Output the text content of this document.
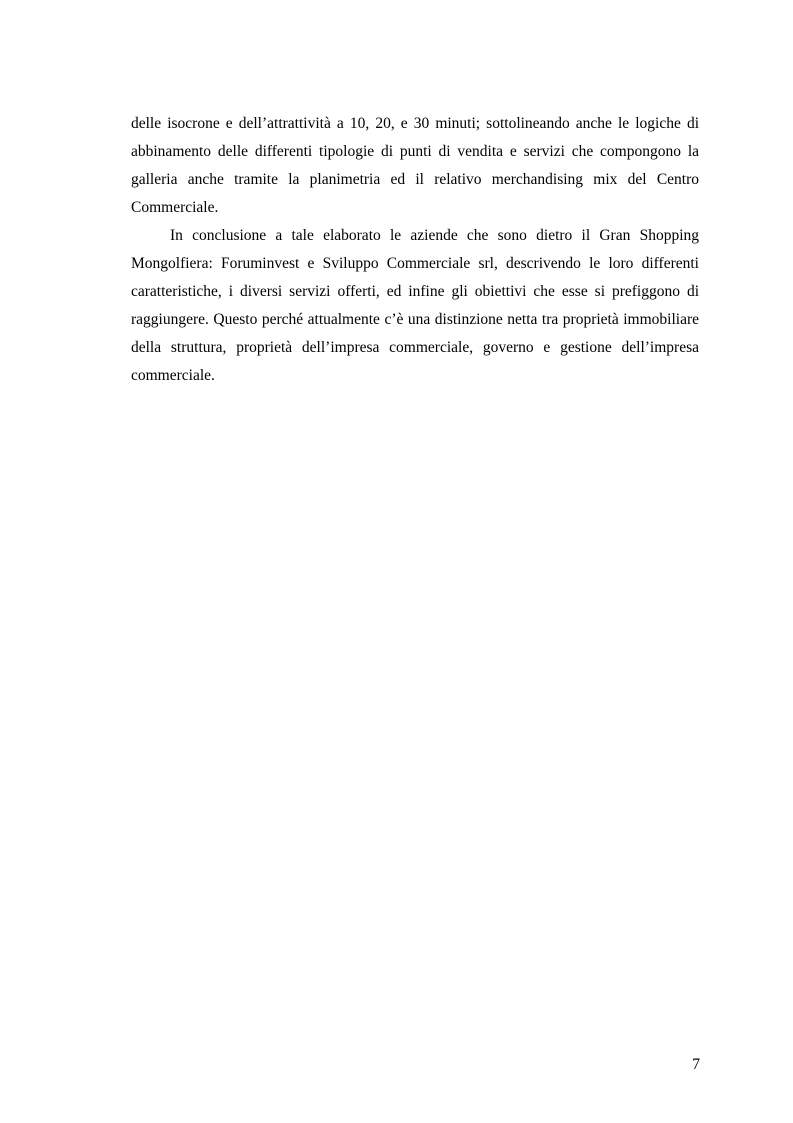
delle isocrone e dell’attrattività a 10, 20, e 30 minuti; sottolineando anche le logiche di abbinamento delle differenti tipologie di punti di vendita e servizi che compongono la galleria anche tramite la planimetria ed il relativo merchandising mix del Centro Commerciale.

In conclusione a tale elaborato le aziende che sono dietro il Gran Shopping Mongolfiera: Foruminvest e Sviluppo Commerciale srl, descrivendo le loro differenti caratteristiche, i diversi servizi offerti, ed infine gli obiettivi che esse si prefiggono di raggiungere. Questo perché attualmente c’è una distinzione netta tra proprietà immobiliare della struttura, proprietà dell’impresa commerciale, governo e gestione dell’impresa commerciale.

7
